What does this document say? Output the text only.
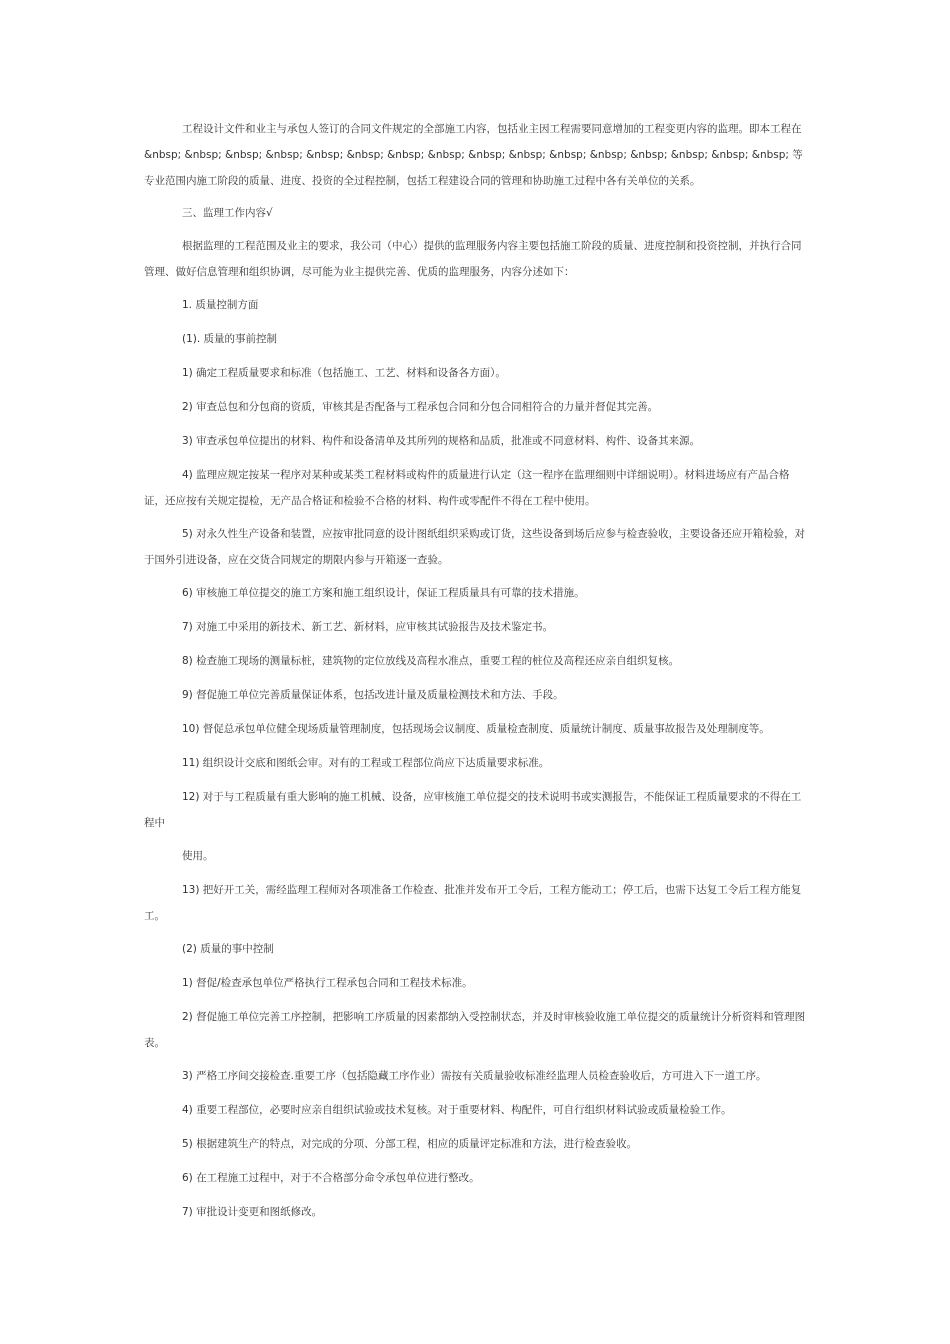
工程设计文件和业主与承包人签订的合同文件规定的全部施工内容，包括业主因工程需要同意增加的工程变更内容的监理。即本工程在 &nbsp; &nbsp; &nbsp; &nbsp; &nbsp; &nbsp; &nbsp; &nbsp; &nbsp; &nbsp; &nbsp; &nbsp; &nbsp; &nbsp; &nbsp; &nbsp; 等专业范围内施工阶段的质量、进度、投资的全过程控制，包括工程建设合同的管理和协助施工过程中各有关单位的关系。

三、监理工作内容√

根据监理的工程范围及业主的要求，我公司（中心）提供的监理服务内容主要包括施工阶段的质量、进度控制和投资控制，并执行合同管理、做好信息管理和组织协调，尽可能为业主提供完善、优质的监理服务，内容分述如下：

1. 质量控制方面

(1). 质量的事前控制

1) 确定工程质量要求和标准（包括施工、工艺、材料和设备各方面）。

2) 审查总包和分包商的资质，审核其是否配备与工程承包合同和分包合同相符合的力量并督促其完善。

3) 审查承包单位提出的材料、构件和设备清单及其所列的规格和品质，批准或不同意材料、构件、设备其来源。

4) 监理应规定按某一程序对某种或某类工程材料或构件的质量进行认定（这一程序在监理细则中详细说明）。材料进场应有产品合格证，还应按有关规定提检，无产品合格证和检验不合格的材料、构件或零配件不得在工程中使用。

5) 对永久性生产设备和装置，应按审批同意的设计图纸组织采购或订货，这些设备到场后应参与检查验收，主要设备还应开箱检验，对于国外引进设备，应在交货合同规定的期限内参与开箱逐一查验。

6) 审核施工单位提交的施工方案和施工组织设计，保证工程质量具有可靠的技术措施。

7) 对施工中采用的新技术、新工艺、新材料，应审核其试验报告及技术鉴定书。

8) 检查施工现场的测量标桩，建筑物的定位放线及高程水准点，重要工程的桩位及高程还应亲自组织复核。

9) 督促施工单位完善质量保证体系，包括改进计量及质量检测技术和方法、手段。

10) 督促总承包单位健全现场质量管理制度，包括现场会议制度、质量检查制度、质量统计制度、质量事故报告及处理制度等。

11) 组织设计交底和图纸会审。对有的工程或工程部位尚应下达质量要求标准。

12) 对于与工程质量有重大影响的施工机械、设备，应审核施工单位提交的技术说明书或实测报告，不能保证工程质量要求的不得在工程中

使用。

13) 把好开工关，需经监理工程师对各项准备工作检查、批准并发布开工令后，工程方能动工；停工后，也需下达复工令后工程方能复工。

(2) 质量的事中控制

1) 督促/检查承包单位严格执行工程承包合同和工程技术标准。

2) 督促施工单位完善工序控制，把影响工序质量的因素都纳入受控制状态，并及时审核验收施工单位提交的质量统计分析资料和管理图表。

3) 严格工序间交接检查.重要工序（包括隐藏工序作业）需按有关质量验收标准经监理人员检查验收后，方可进入下一道工序。

4) 重要工程部位，必要时应亲自组织试验或技术复核。对于重要材料、构配件，可自行组织材料试验或质量检验工作。

5) 根据建筑生产的特点，对完成的分项、分部工程，相应的质量评定标准和方法，进行检查验收。

6) 在工程施工过程中，对于不合格部分命令承包单位进行整改。

7) 审批设计变更和图纸修改。
